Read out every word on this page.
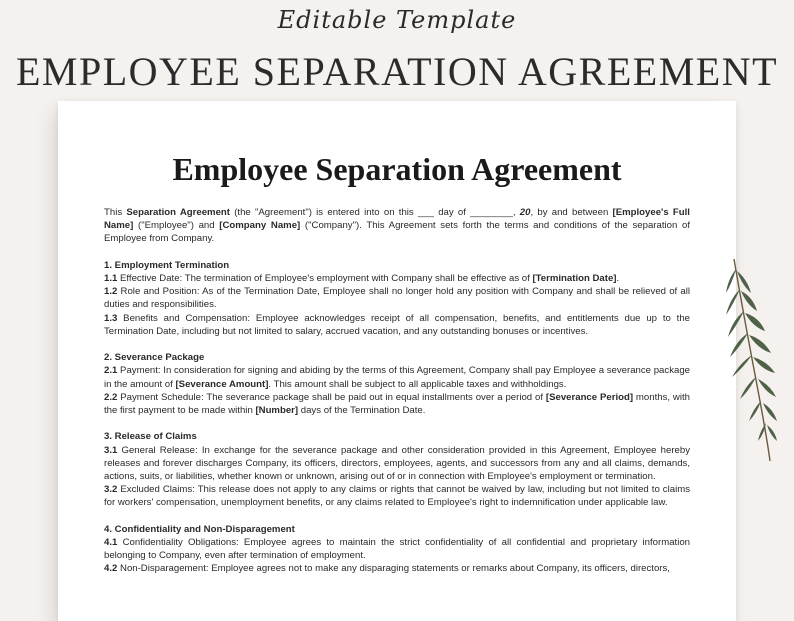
Editable Template
EMPLOYEE SEPARATION AGREEMENT
Employee Separation Agreement

This Separation Agreement (the "Agreement") is entered into on this ___ day of ________, 20, by and between [Employee's Full Name] ("Employee") and [Company Name] ("Company"). This Agreement sets forth the terms and conditions of the separation of Employee from Company.

1. Employment Termination

1.1 Effective Date: The termination of Employee's employment with Company shall be effective as of [Termination Date].

1.2 Role and Position: As of the Termination Date, Employee shall no longer hold any position with Company and shall be relieved of all duties and responsibilities.

1.3 Benefits and Compensation: Employee acknowledges receipt of all compensation, benefits, and entitlements due up to the Termination Date, including but not limited to salary, accrued vacation, and any outstanding bonuses or incentives.

2. Severance Package

2.1 Payment: In consideration for signing and abiding by the terms of this Agreement, Company shall pay Employee a severance package in the amount of [Severance Amount]. This amount shall be subject to all applicable taxes and withholdings.

2.2 Payment Schedule: The severance package shall be paid out in equal installments over a period of [Severance Period] months, with the first payment to be made within [Number] days of the Termination Date.

3. Release of Claims

3.1 General Release: In exchange for the severance package and other consideration provided in this Agreement, Employee hereby releases and forever discharges Company, its officers, directors, employees, agents, and successors from any and all claims, demands, actions, suits, or liabilities, whether known or unknown, arising out of or in connection with Employee's employment or termination.

3.2 Excluded Claims: This release does not apply to any claims or rights that cannot be waived by law, including but not limited to claims for workers' compensation, unemployment benefits, or any claims related to Employee's right to indemnification under applicable law.

4. Confidentiality and Non-Disparagement

4.1 Confidentiality Obligations: Employee agrees to maintain the strict confidentiality of all confidential and proprietary information belonging to Company, even after termination of employment.

4.2 Non-Disparagement: Employee agrees not to make any disparaging statements or remarks about Company, its officers, directors,
